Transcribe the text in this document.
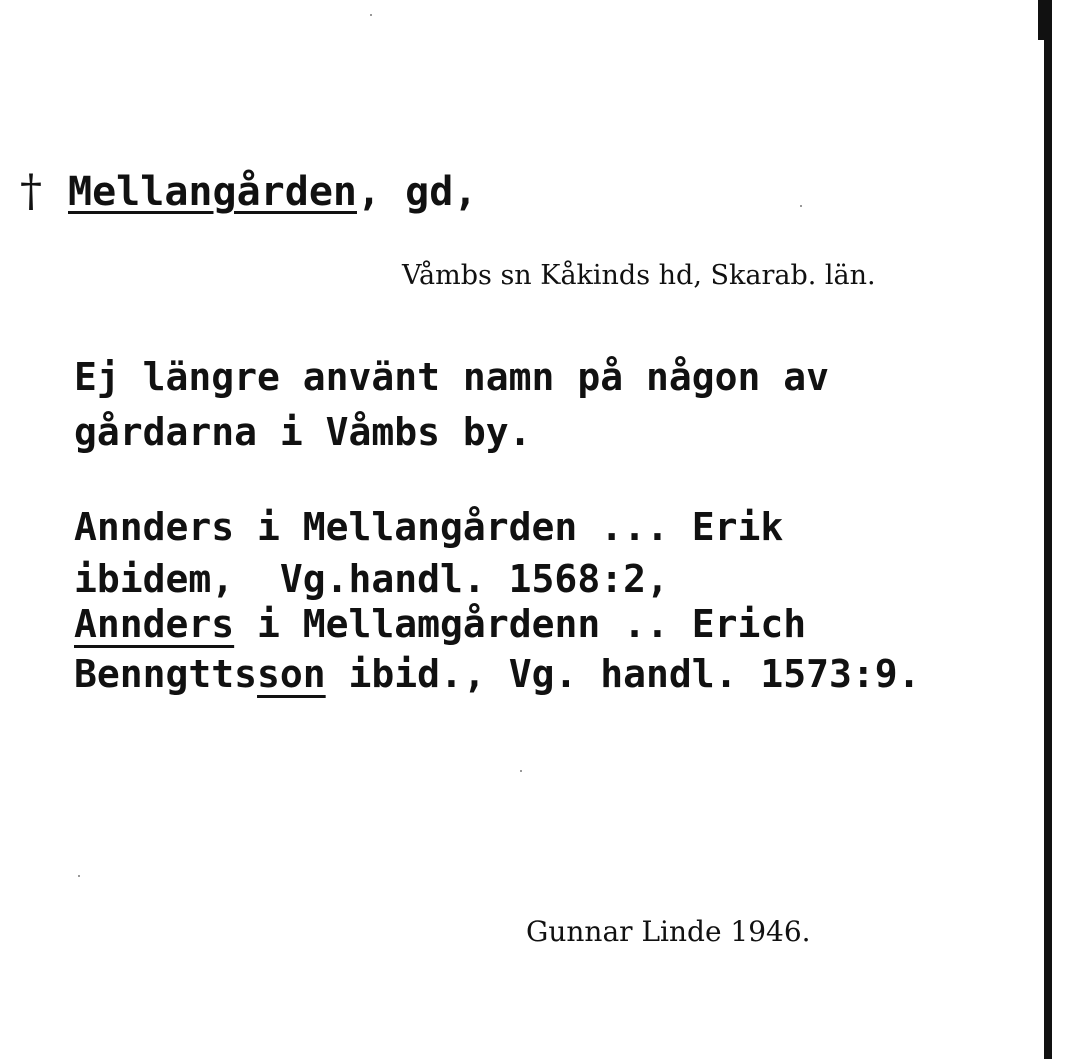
† Mellangården, gd,
Våmbs sn Kåkinds hd, Skarab. län.
Ej längre använt namn på någon av
gårdarna i Våmbs by.
Annders i Mellangården ... Erik
ibidem,  Vg.handl. 1568:2,
Annders i Mellamgårdenn .. Erich
Benngttsson ibid., Vg. handl. 1573:9.
Gunnar Linde 1946.
